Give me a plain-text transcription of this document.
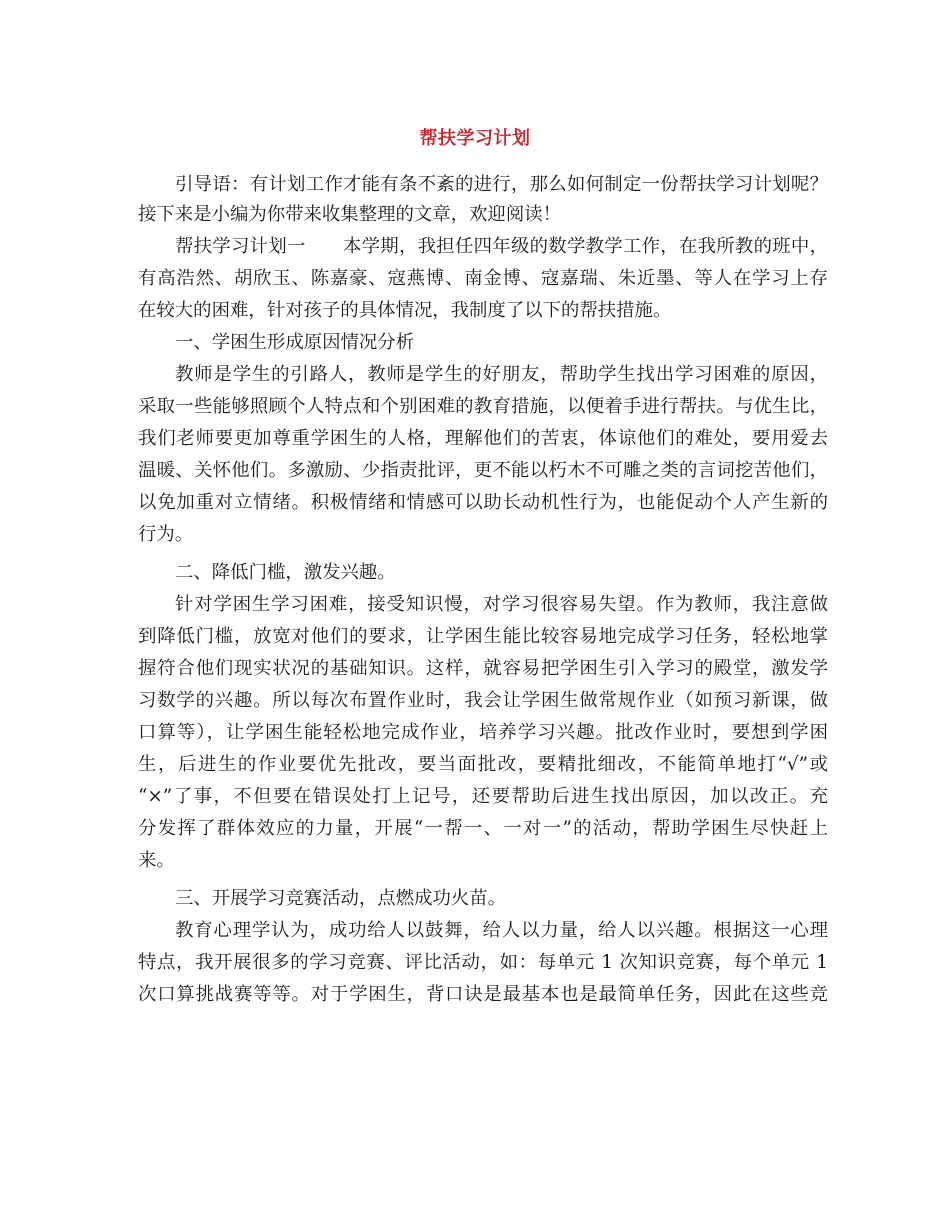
帮扶学习计划
引导语：有计划工作才能有条不紊的进行，那么如何制定一份帮扶学习计划呢？
接下来是小编为你带来收集整理的文章，欢迎阅读！
帮扶学习计划一　　本学期，我担任四年级的数学教学工作，在我所教的班中，
有高浩然、胡欣玉、陈嘉豪、寇燕博、南金博、寇嘉瑞、朱近墨、等人在学习上存
在较大的困难，针对孩子的具体情况，我制度了以下的帮扶措施。
一、学困生形成原因情况分析
教师是学生的引路人，教师是学生的好朋友，帮助学生找出学习困难的原因，
采取一些能够照顾个人特点和个别困难的教育措施，以便着手进行帮扶。与优生比，
我们老师要更加尊重学困生的人格，理解他们的苦衷，体谅他们的难处，要用爱去
温暖、关怀他们。多激励、少指责批评，更不能以朽木不可雕之类的言词挖苦他们，
以免加重对立情绪。积极情绪和情感可以助长动机性行为，也能促动个人产生新的
行为。
二、降低门槛，激发兴趣。
针对学困生学习困难，接受知识慢，对学习很容易失望。作为教师，我注意做
到降低门槛，放宽对他们的要求，让学困生能比较容易地完成学习任务，轻松地掌
握符合他们现实状况的基础知识。这样，就容易把学困生引入学习的殿堂，激发学
习数学的兴趣。所以每次布置作业时，我会让学困生做常规作业（如预习新课，做
口算等），让学困生能轻松地完成作业，培养学习兴趣。批改作业时，要想到学困
生，后进生的作业要优先批改，要当面批改，要精批细改，不能简单地打“√”或
“×”了事，不但要在错误处打上记号，还要帮助后进生找出原因，加以改正。充
分发挥了群体效应的力量，开展“一帮一、一对一”的活动，帮助学困生尽快赶上
来。
三、开展学习竞赛活动，点燃成功火苗。
教育心理学认为，成功给人以鼓舞，给人以力量，给人以兴趣。根据这一心理
特点，我开展很多的学习竞赛、评比活动，如：每单元 1 次知识竞赛，每个单元 1
次口算挑战赛等等。对于学困生，背口诀是最基本也是最简单任务，因此在这些竞
